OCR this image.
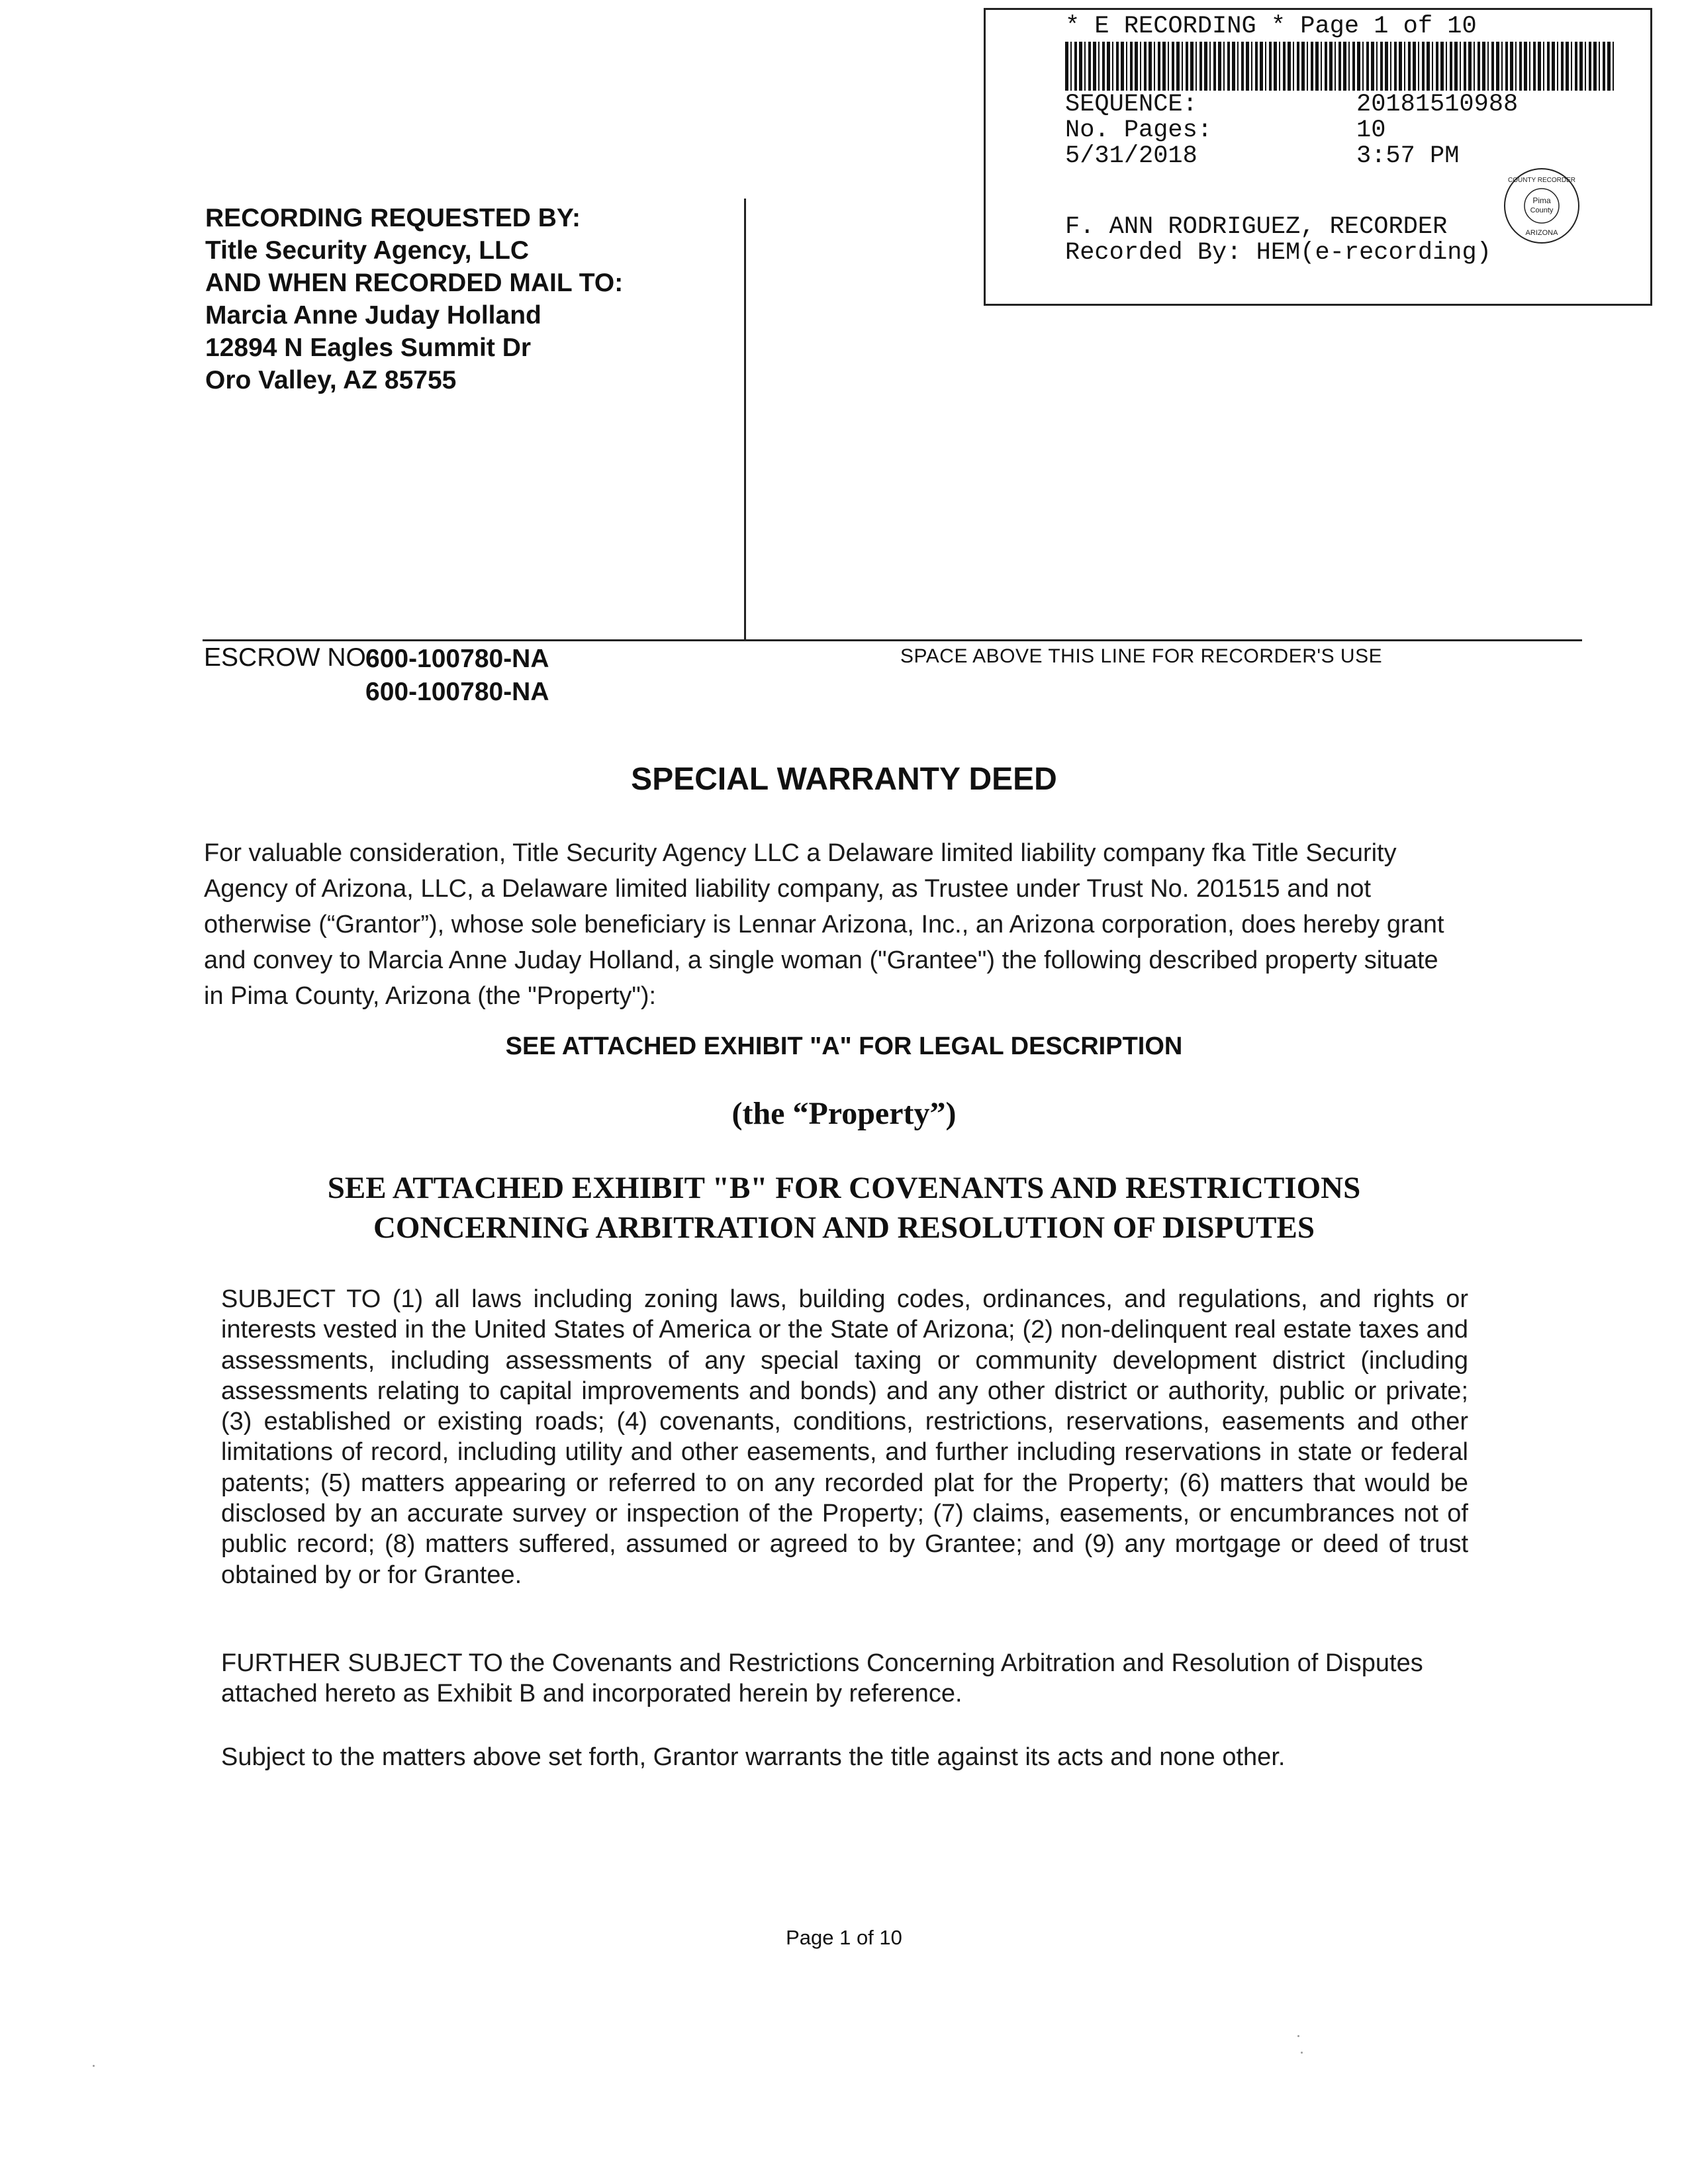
* E RECORDING * Page 1 of 10
SEQUENCE:	20181510988
No. Pages:	10
5/31/2018	3:57 PM
F. ANN RODRIGUEZ, RECORDER
Recorded By: HEM(e-recording)
Pima
County
COUNTY RECORDER
ARIZONA
RECORDING REQUESTED BY:
Title Security Agency, LLC
AND WHEN RECORDED MAIL TO:
Marcia Anne Juday Holland
12894 N Eagles Summit Dr
Oro Valley, AZ 85755
ESCROW NO.:
600-100780-NA
600-100780-NA
SPACE ABOVE THIS LINE FOR RECORDER'S USE
SPECIAL WARRANTY DEED
For valuable consideration, Title Security Agency LLC a Delaware limited liability company fka Title Security Agency of Arizona, LLC, a Delaware limited liability company, as Trustee under Trust No. 201515 and not otherwise (“Grantor”), whose sole beneficiary is Lennar Arizona, Inc., an Arizona corporation, does hereby grant and convey to Marcia Anne Juday Holland, a single woman ("Grantee") the following described property situate in Pima County, Arizona (the "Property"):
SEE ATTACHED EXHIBIT "A" FOR LEGAL DESCRIPTION
(the “Property”)
SEE ATTACHED EXHIBIT "B" FOR COVENANTS AND RESTRICTIONS
CONCERNING ARBITRATION AND RESOLUTION OF DISPUTES
SUBJECT TO (1) all laws including zoning laws, building codes, ordinances, and regulations, and rights or interests vested in the United States of America or the State of Arizona; (2) non-delinquent real estate taxes and assessments, including assessments of any special taxing or community development district (including assessments relating to capital improvements and bonds) and any other district or authority, public or private; (3) established or existing roads; (4) covenants, conditions, restrictions, reservations, easements and other limitations of record, including utility and other easements, and further including reservations in state or federal patents; (5) matters appearing or referred to on any recorded plat for the Property; (6) matters that would be disclosed by an accurate survey or inspection of the Property; (7) claims, easements, or encumbrances not of public record; (8) matters suffered, assumed or agreed to by Grantee; and (9) any mortgage or deed of trust obtained by or for Grantee.
FURTHER SUBJECT TO the Covenants and Restrictions Concerning Arbitration and Resolution of Disputes attached hereto as Exhibit B and incorporated herein by reference.
Subject to the matters above set forth, Grantor warrants the title against its acts and none other.
Page 1 of 10
